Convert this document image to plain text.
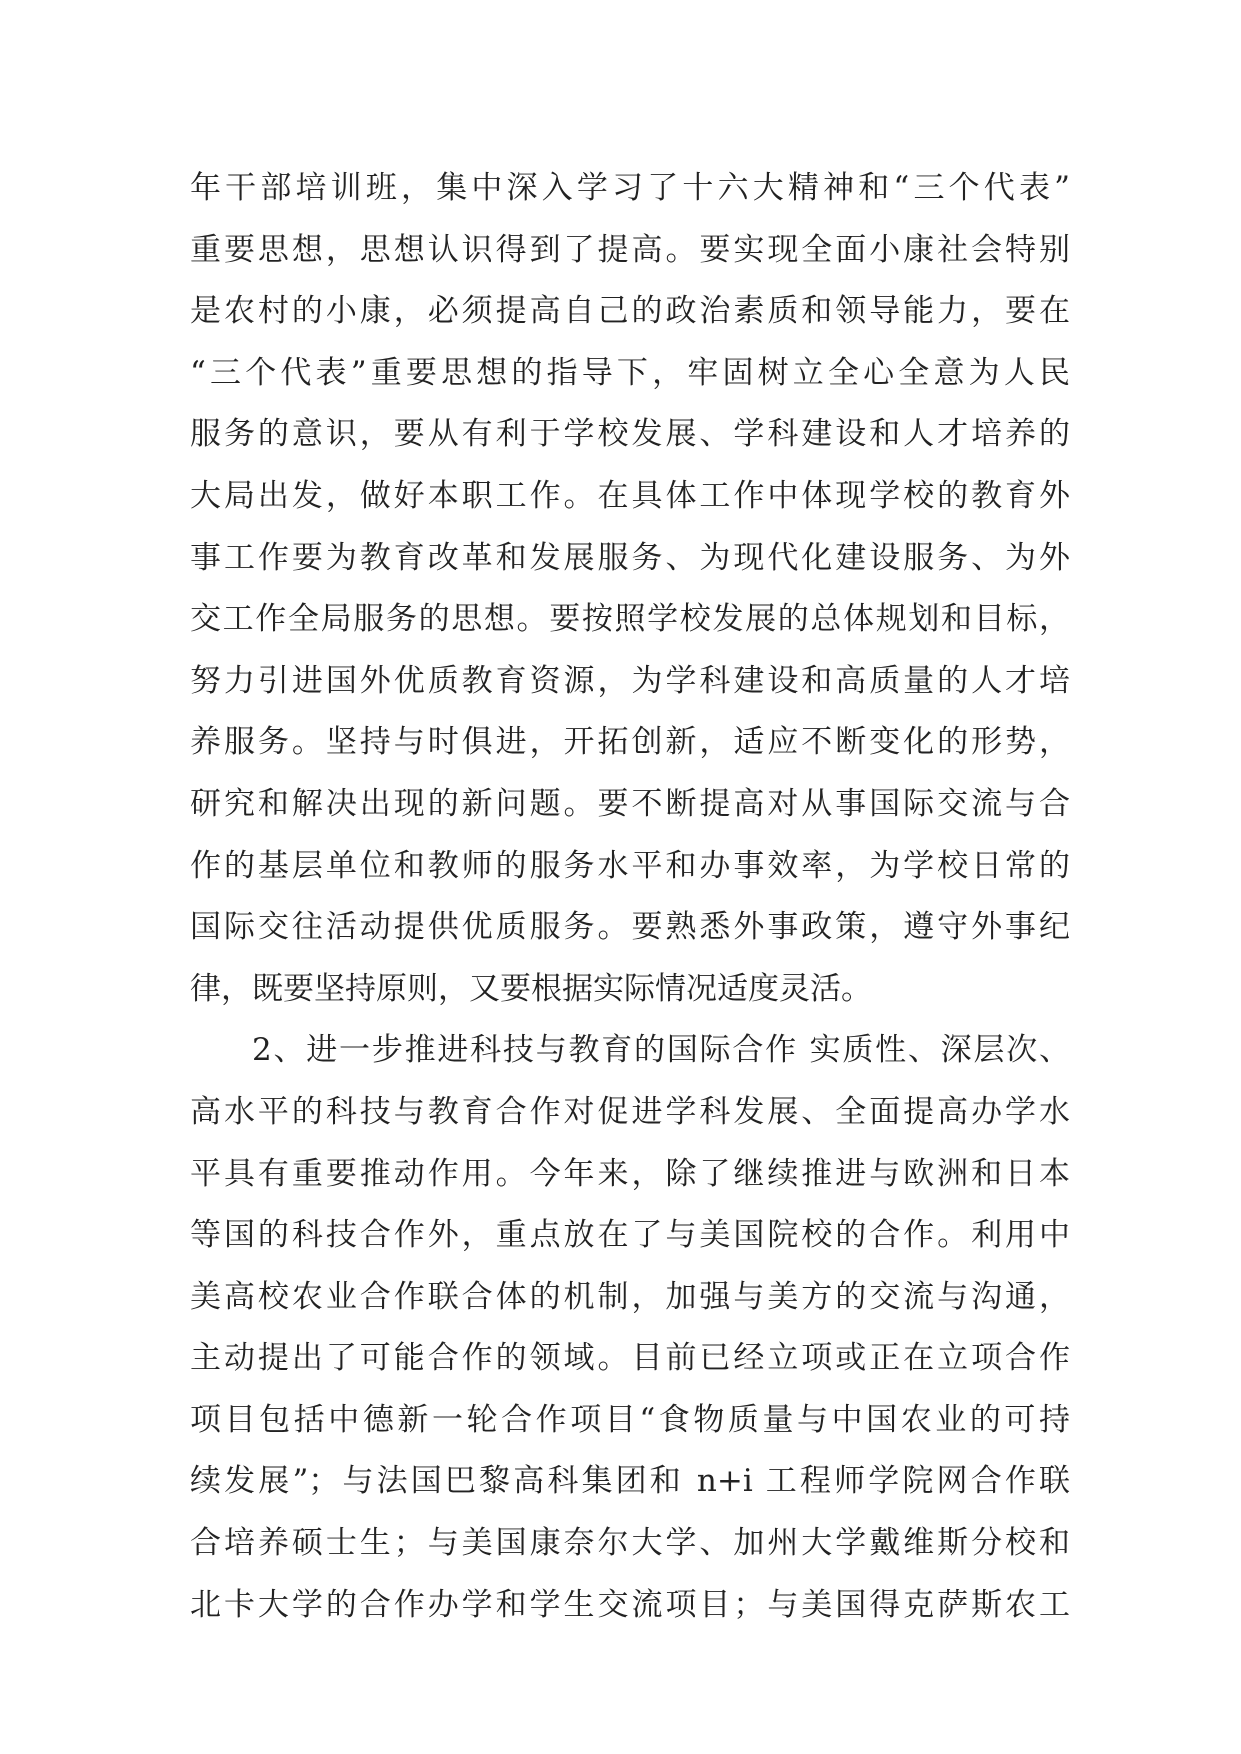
年干部培训班，集中深入学习了十六大精神和“三个代表”
重要思想，思想认识得到了提高。要实现全面小康社会特别
是农村的小康，必须提高自己的政治素质和领导能力，要在
“三个代表”重要思想的指导下，牢固树立全心全意为人民
服务的意识，要从有利于学校发展、学科建设和人才培养的
大局出发，做好本职工作。在具体工作中体现学校的教育外
事工作要为教育改革和发展服务、为现代化建设服务、为外
交工作全局服务的思想。要按照学校发展的总体规划和目标，
努力引进国外优质教育资源，为学科建设和高质量的人才培
养服务。坚持与时俱进，开拓创新，适应不断变化的形势，
研究和解决出现的新问题。要不断提高对从事国际交流与合
作的基层单位和教师的服务水平和办事效率，为学校日常的
国际交往活动提供优质服务。要熟悉外事政策，遵守外事纪
律，既要坚持原则，又要根据实际情况适度灵活。
2、进一步推进科技与教育的国际合作 实质性、深层次、
高水平的科技与教育合作对促进学科发展、全面提高办学水
平具有重要推动作用。今年来，除了继续推进与欧洲和日本
等国的科技合作外，重点放在了与美国院校的合作。利用中
美高校农业合作联合体的机制，加强与美方的交流与沟通，
主动提出了可能合作的领域。目前已经立项或正在立项合作
项目包括中德新一轮合作项目“食物质量与中国农业的可持
续发展”；与法国巴黎高科集团和 n+i 工程师学院网合作联
合培养硕士生；与美国康奈尔大学、加州大学戴维斯分校和
北卡大学的合作办学和学生交流项目；与美国得克萨斯农工
